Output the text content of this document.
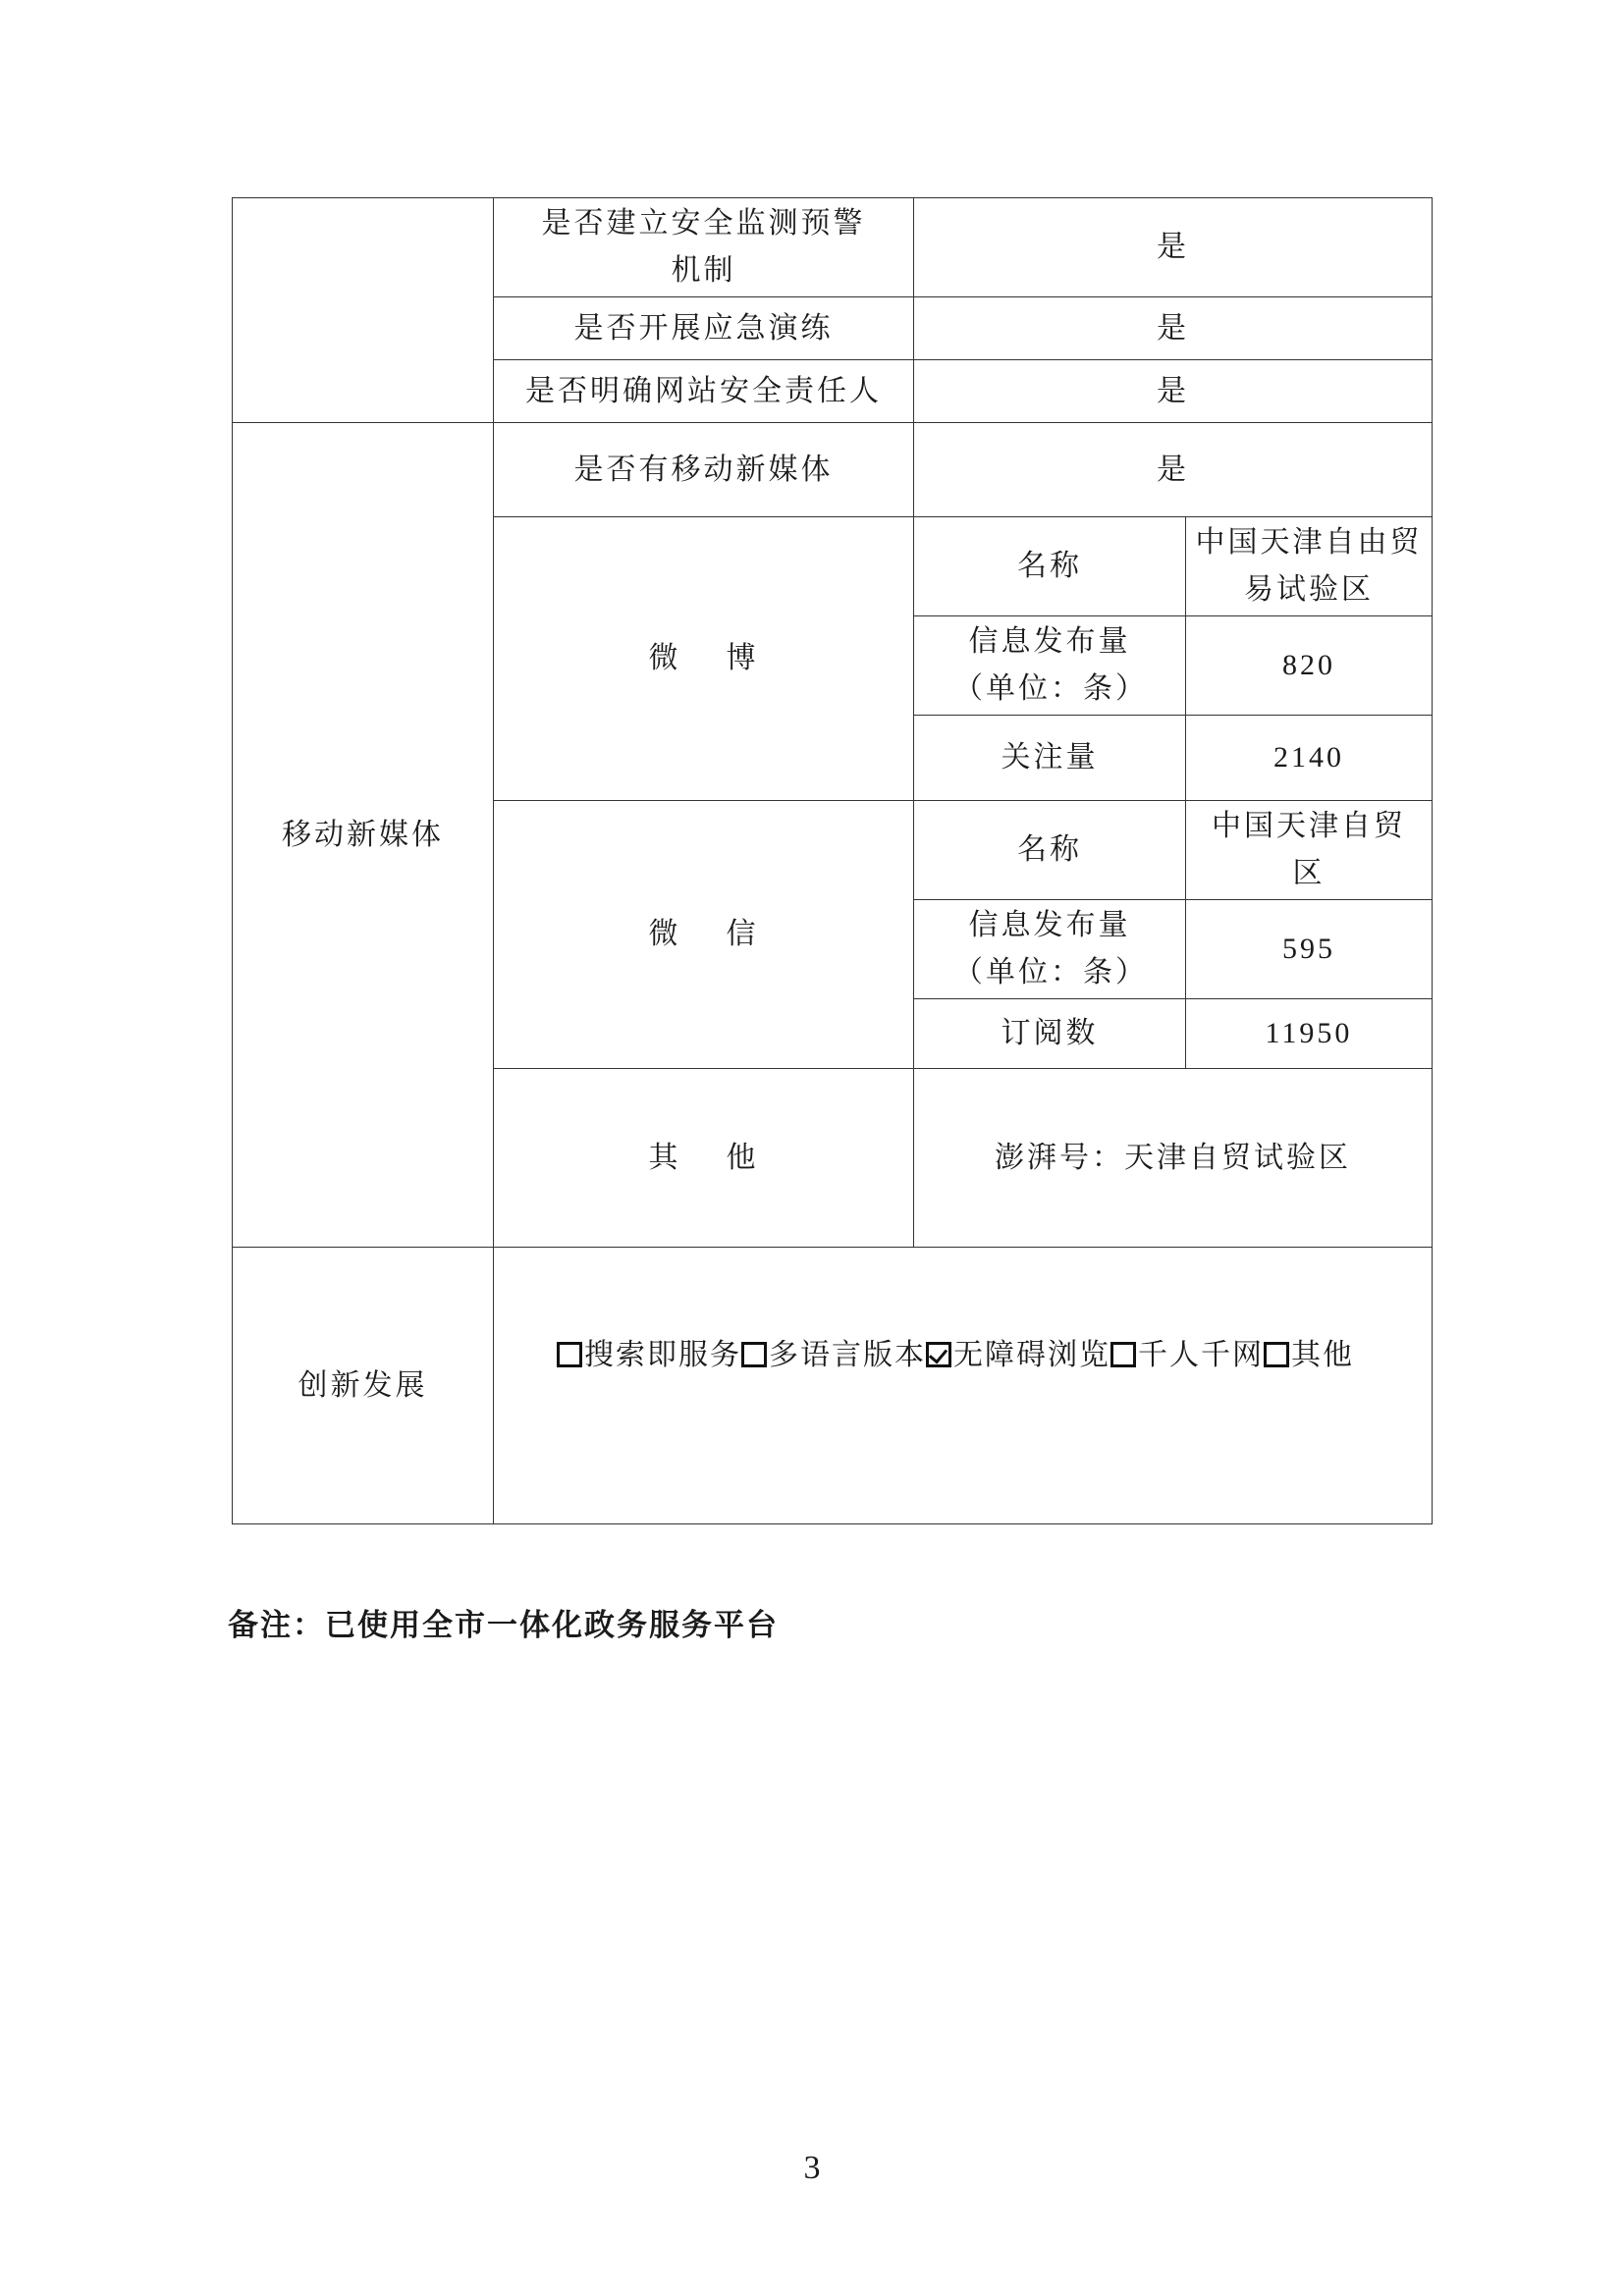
	是否建立安全监测预警机制	是	
	是否开展应急演练	是	
	是否明确网站安全责任人	是	
移动新媒体	是否有移动新媒体	是	
	微 博	名称	中国天津自由贸易试验区
		信息发布量（单位：条）	820
		关注量	2140
	微 信	名称	中国天津自贸区
		信息发布量（单位：条）	595
		订阅数	11950
	其 他	澎湃号：天津自贸试验区	
创新发展	搜索即服务 多语言版本 无障碍浏览 千人千网 其他		
备注：已使用全市一体化政务服务平台
3
